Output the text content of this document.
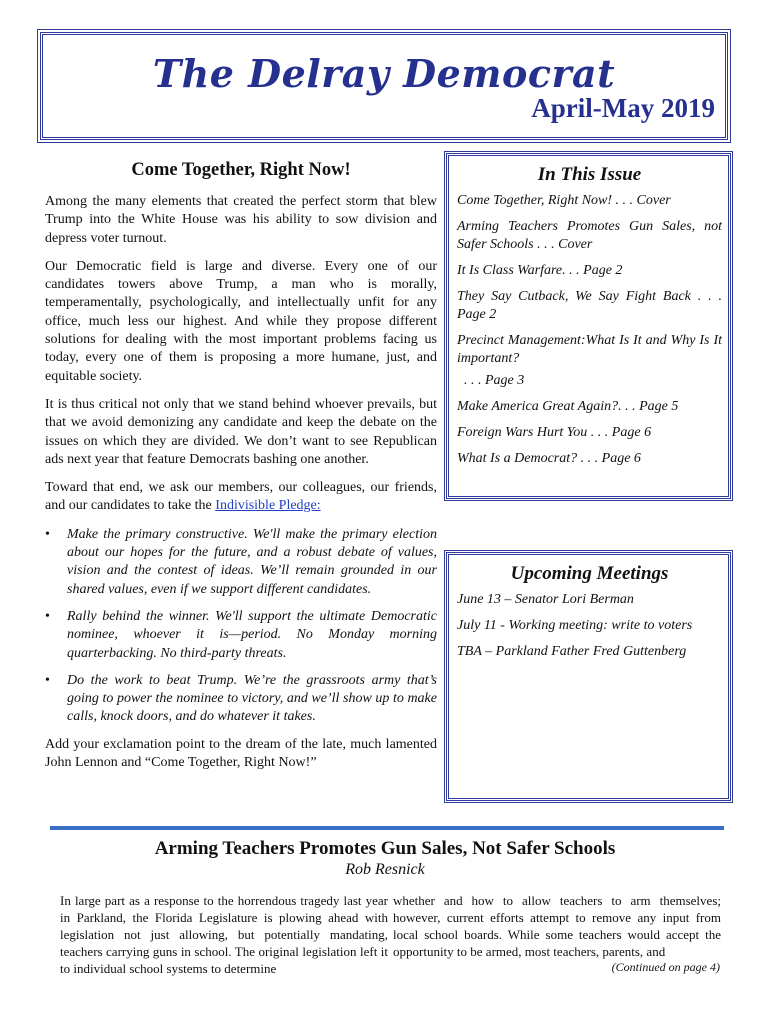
The Delray Democrat
April-May 2019
Come Together, Right Now!

Among the many elements that created the perfect storm that blew Trump into the White House was his ability to sow division and depress voter turnout.

Our Democratic field is large and diverse. Every one of our candidates towers above Trump, a man who is morally, temperamentally, psychologically, and intellectually unfit for any office, much less our highest. And while they propose different solutions for dealing with the most important problems facing us today, every one of them is proposing a more humane, just, and equitable society.

It is thus critical not only that we stand behind whoever prevails, but that we avoid demonizing any candidate and keep the debate on the issues on which they are divided. We don’t want to see Republican ads next year that feature Democrats bashing one another.

Toward that end, we ask our members, our colleagues, our friends, and our candidates to take the Indivisible Pledge:

• Make the primary constructive. We'll make the primary election about our hopes for the future, and a robust debate of values, vision and the contest of ideas. We’ll remain grounded in our shared values, even if we support different candidates.
• Rally behind the winner. We'll support the ultimate Democratic nominee, whoever it is—period. No Monday morning quarterbacking. No third-party threats.
• Do the work to beat Trump. We’re the grassroots army that’s going to power the nominee to victory, and we’ll show up to make calls, knock doors, and do whatever it takes.

Add your exclamation point to the dream of the late, much lamented John Lennon and “Come Together, Right Now!”

In This Issue
Come Together, Right Now! . . . Cover
Arming Teachers Promotes Gun Sales, not Safer Schools . . . Cover
It Is Class Warfare. . . Page 2
They Say Cutback, We Say Fight Back . . . Page 2
Precinct Management:What Is It and Why Is It important?
. . . Page 3
Make America Great Again?. . . Page 5
Foreign Wars Hurt You . . . Page 6
What Is a Democrat? . . . Page 6
Upcoming Meetings
June 13 – Senator Lori Berman
July 11 - Working meeting: write to voters
TBA – Parkland Father Fred Guttenberg
Arming Teachers Promotes Gun Sales, Not Safer Schools
Rob Resnick
In large part as a response to the horrendous tragedy last year in Parkland, the Florida Legislature is plowing ahead with legislation not just allowing, but potentially mandating, teachers carrying guns in school. The original legislation left it to individual school systems to determine
whether and how to allow teachers to arm themselves; however, current efforts attempt to remove any input from local school boards. While some teachers would accept the opportunity to be armed, most teachers, parents, and
(Continued on page 4)
